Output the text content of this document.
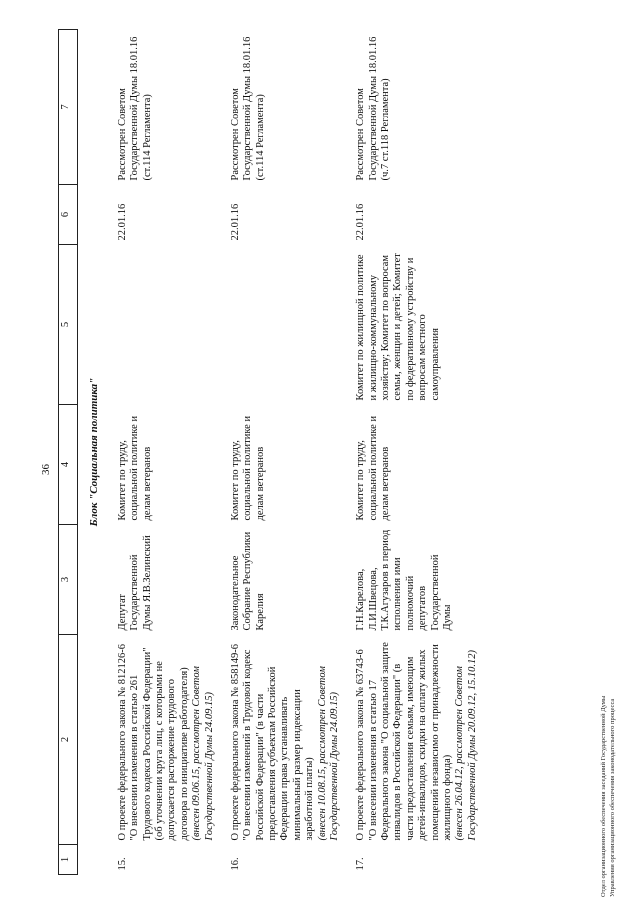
36
1	2	3	4	5	6	7
Блок "Социальная политика"						
15.	О проекте федерального закона № 812126-6 "О внесении изменения в статью 261 Трудового кодекса Российской Федерации" (об уточнении круга лиц, с которыми не допускается расторжение трудового договора по инициативе работодателя) (внесен 09.06.15, рассмотрен Советом Государственной Думы 24.09.15)	Депутат Государственной Думы Я.В.Зелинский	Комитет по труду, социальной политике и делам ветеранов		22.01.16	Рассмотрен Советом Государственной Думы 18.01.16 (ст.114 Регламента)
16.	О проекте федерального закона № 858149-6 "О внесении изменений в Трудовой кодекс Российской Федерации" (в части предоставления субъектам Российской Федерации права устанавливать минимальный размер индексации заработной платы) (внесен 10.08.15, рассмотрен Советом Государственной Думы 24.09.15)	Законодательное Собрание Республики Карелия	Комитет по труду, социальной политике и делам ветеранов		22.01.16	Рассмотрен Советом Государственной Думы 18.01.16 (ст.114 Регламента)
17.	О проекте федерального закона № 63743-6 "О внесении изменения в статью 17 Федерального закона "О социальной защите инвалидов в Российской Федерации" (в части предоставления семьям, имеющим детей-инвалидов, скидки на оплату жилых помещений независимо от принадлежности жилищного фонда) (внесен 26.04.12, рассмотрен Советом Государственной Думы 20.09.12, 15.10.12)	Г.Н.Карелова, Л.И.Швецова, Т.К.Агузаров в период исполнения ими полномочий депутатов Государственной Думы	Комитет по труду, социальной политике и делам ветеранов	Комитет по жилищной политике и жилищно-коммунальному хозяйству; Комитет по вопросам семьи, женщин и детей; Комитет по федеративному устройству и вопросам местного самоуправления	22.01.16	Рассмотрен Советом Государственной Думы 18.01.16 (ч.7 ст.118 Регламента)
Отдел организационного обеспечения заседаний Государственной Думы Управления организационного обеспечения законодательного процесса
